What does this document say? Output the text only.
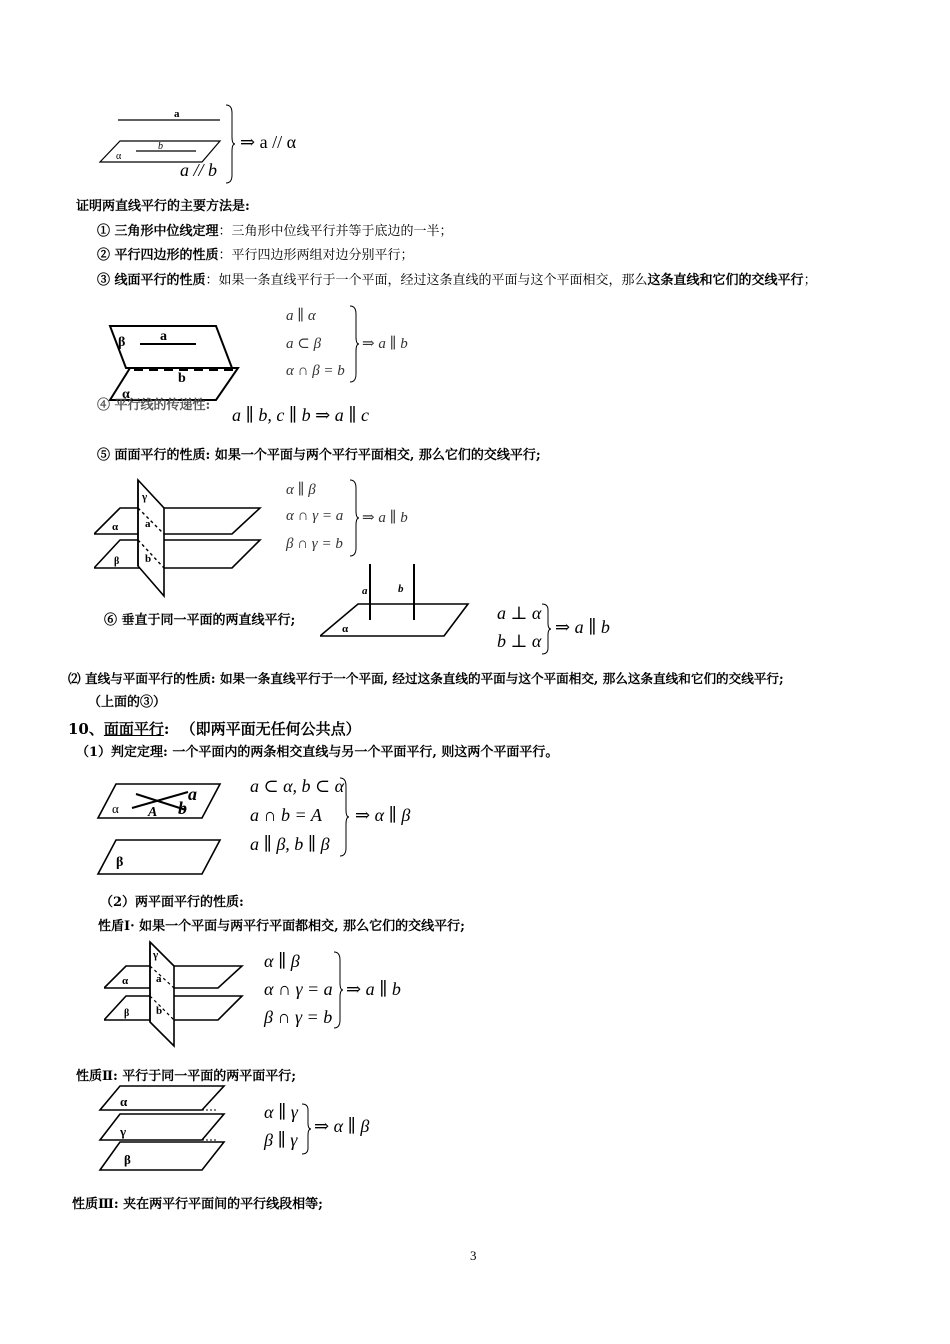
a
b
α
⇒ a // α
a // b
证明两直线平行的主要方法是:
① 三角形中位线定理：三角形中位线平行并等于底边的一半；
② 平行四边形的性质：平行四边形两组对边分别平行；
③ 线面平行的性质：如果一条直线平行于一个平面，经过这条直线的平面与这个平面相交，那么这条直线和它们的交线平行；
a
b
β
α
a ∥ α
a ⊂ β
α ∩ β = b
⇒ a ∥ b
④ 平行线的传递性: a ∥ b, c ∥ b ⇒ a ∥ c
⑤ 面面平行的性质: 如果一个平面与两个平行平面相交, 那么它们的交线平行;
γ
α a
β b
α ∥ β
α ∩ γ = a
β ∩ γ = b
⇒ a ∥ b
⑥ 垂直于同一平面的两直线平行;
a	b
α
a ⊥ α
b ⊥ α
⇒ a ∥ b
⑵ 直线与平面平行的性质: 如果一条直线平行于一个平面, 经过这条直线的平面与这个平面相交, 那么这条直线和它们的交线平行;
（上面的③）
10、面面平行: （即两平面无任何公共点）
（1）判定定理: 一个平面内的两条相交直线与另一个平面平行, 则这两个平面平行。
α A
a
b
β
a ⊂ α, b ⊂ α
a ∩ b = A
a ∥ β, b ∥ β
⇒ α ∥ β
（2）两平面平行的性质:
性盾Ⅰ· 如果一个平面与两平行平面都相交, 那么它们的交线平行;
γ
α	a
β b
α ∥ β
α ∩ γ = a
β ∩ γ = b
⇒ a ∥ b
性质Ⅱ: 平行于同一平面的两平面平行;
α
γ
β
α ∥ γ
β ∥ γ
⇒ α ∥ β
性质Ⅲ: 夹在两平行平面间的平行线段相等;
3
